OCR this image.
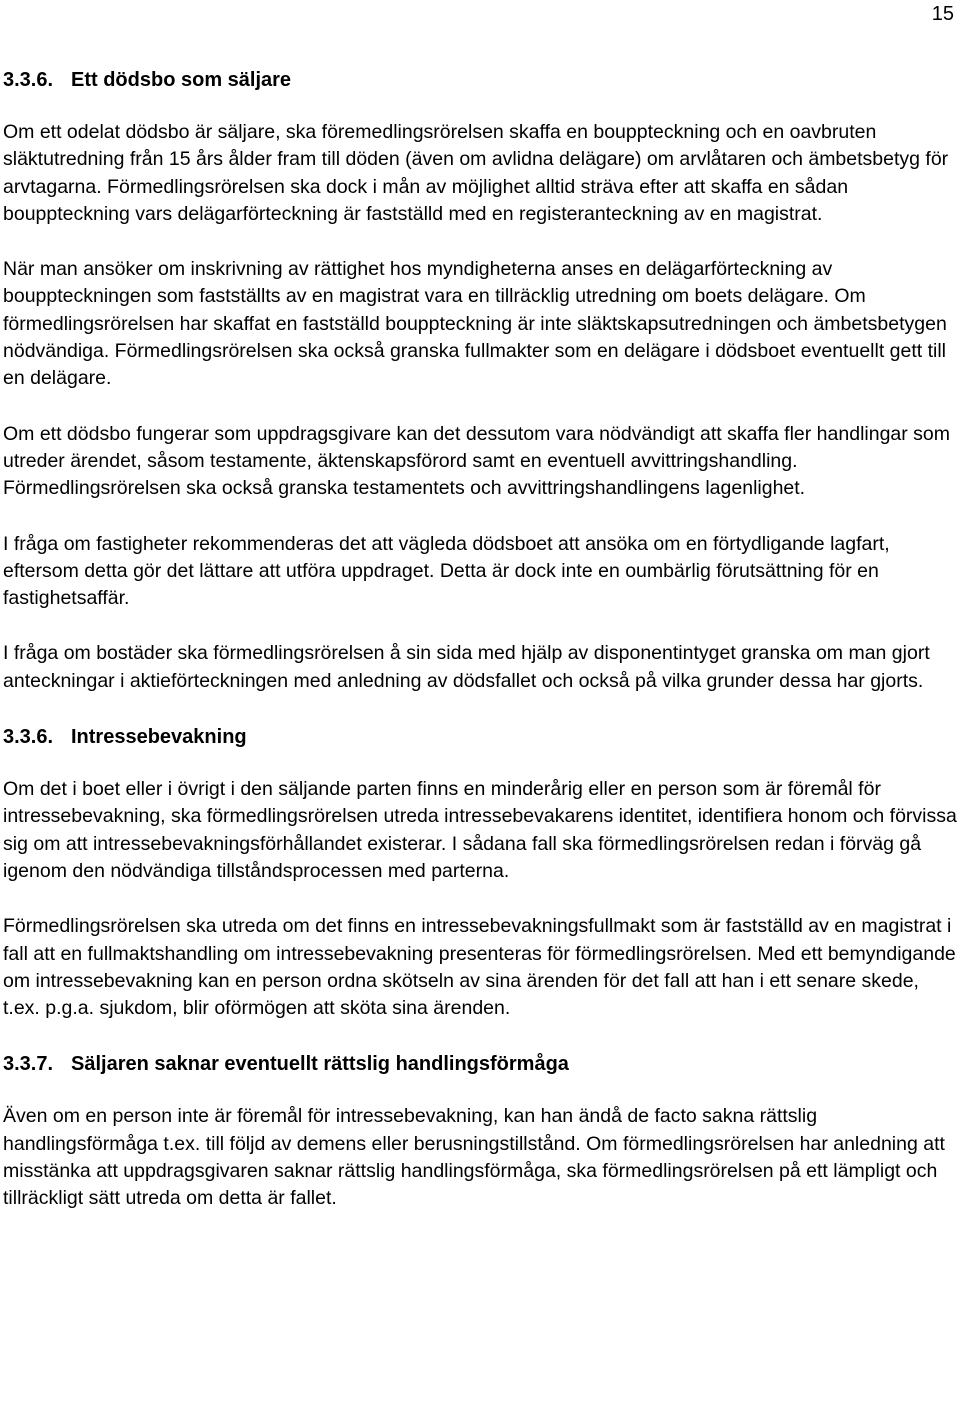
15
3.3.6. Ett dödsbo som säljare

Om ett odelat dödsbo är säljare, ska föremedlingsrörelsen skaffa en bouppteckning och en oavbruten släktutredning från 15 års ålder fram till döden (även om avlidna delägare) om arvlåtaren och ämbetsbetyg för arvtagarna. Förmedlingsrörelsen ska dock i mån av möjlighet alltid sträva efter att skaffa en sådan bouppteckning vars delägarförteckning är fastställd med en registeranteckning av en magistrat.

När man ansöker om inskrivning av rättighet hos myndigheterna anses en delägarförteckning av bouppteckningen som fastställts av en magistrat vara en tillräcklig utredning om boets delägare. Om förmedlingsrörelsen har skaffat en fastställd bouppteckning är inte släktskapsutredningen och ämbetsbetygen nödvändiga. Förmedlingsrörelsen ska också granska fullmakter som en delägare i dödsboet eventuellt gett till en delägare.

Om ett dödsbo fungerar som uppdragsgivare kan det dessutom vara nödvändigt att skaffa fler handlingar som utreder ärendet, såsom testamente, äktenskapsförord samt en eventuell avvittringshandling. Förmedlingsrörelsen ska också granska testamentets och avvittringshandlingens lagenlighet.

I fråga om fastigheter rekommenderas det att vägleda dödsboet att ansöka om en förtydligande lagfart, eftersom detta gör det lättare att utföra uppdraget. Detta är dock inte en oumbärlig förutsättning för en fastighetsaffär.

I fråga om bostäder ska förmedlingsrörelsen å sin sida med hjälp av disponentintyget granska om man gjort anteckningar i aktieförteckningen med anledning av dödsfallet och också på vilka grunder dessa har gjorts.

3.3.6. Intressebevakning

Om det i boet eller i övrigt i den säljande parten finns en minderårig eller en person som är föremål för intressebevakning, ska förmedlingsrörelsen utreda intressebevakarens identitet, identifiera honom och förvissa sig om att intressebevakningsförhållandet existerar. I sådana fall ska förmedlingsrörelsen redan i förväg gå igenom den nödvändiga tillståndsprocessen med parterna.

Förmedlingsrörelsen ska utreda om det finns en intressebevakningsfullmakt som är fastställd av en magistrat i fall att en fullmaktshandling om intressebevakning presenteras för förmedlingsrörelsen. Med ett bemyndigande om intressebevakning kan en person ordna skötseln av sina ärenden för det fall att han i ett senare skede, t.ex. p.g.a. sjukdom, blir oförmögen att sköta sina ärenden.

3.3.7. Säljaren saknar eventuellt rättslig handlingsförmåga

Även om en person inte är föremål för intressebevakning, kan han ändå de facto sakna rättslig handlingsförmåga t.ex. till följd av demens eller berusningstillstånd. Om förmedlingsrörelsen har anledning att misstänka att uppdragsgivaren saknar rättslig handlingsförmåga, ska förmedlingsrörelsen på ett lämpligt och tillräckligt sätt utreda om detta är fallet.
